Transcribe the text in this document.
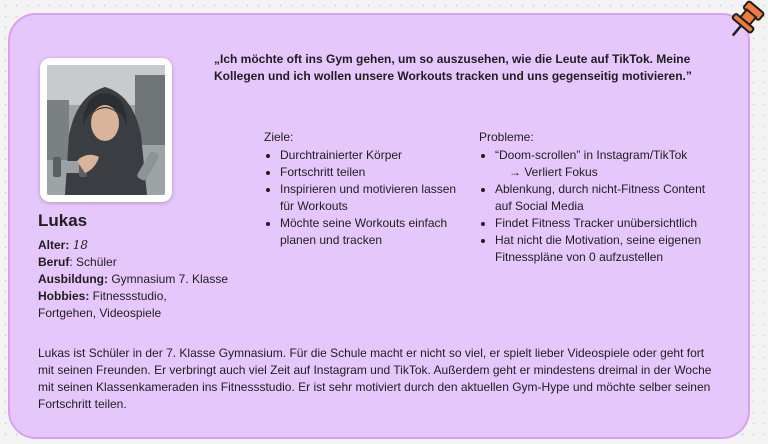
„Ich möchte oft ins Gym gehen, um so auszusehen, wie die Leute auf TikTok. Meine Kollegen und ich wollen unsere Workouts tracken und uns gegenseitig motivieren.”
Lukas
Alter: 18
Beruf: Schüler
Ausbildung: Gymnasium 7. Klasse
Hobbies: Fitnessstudio,
Fortgehen, Videospiele
Ziele:
• Durchtrainierter Körper
• Fortschritt teilen
• Inspirieren und motivieren lassen für Workouts
• Möchte seine Workouts einfach planen und tracken
Probleme:
• “Doom-scrollen” in Instagram/TikTok
→ Verliert Fokus
• Ablenkung, durch nicht-Fitness Content auf Social Media
• Findet Fitness Tracker unübersichtlich
• Hat nicht die Motivation, seine eigenen Fitnesspläne von 0 aufzustellen
Lukas ist Schüler in der 7. Klasse Gymnasium. Für die Schule macht er nicht so viel, er spielt lieber Videospiele oder geht fort mit seinen Freunden. Er verbringt auch viel Zeit auf Instagram und TikTok. Außerdem geht er mindestens dreimal in der Woche mit seinen Klassenkameraden ins Fitnessstudio. Er ist sehr motiviert durch den aktuellen Gym-Hype und möchte selber seinen Fortschritt teilen.
